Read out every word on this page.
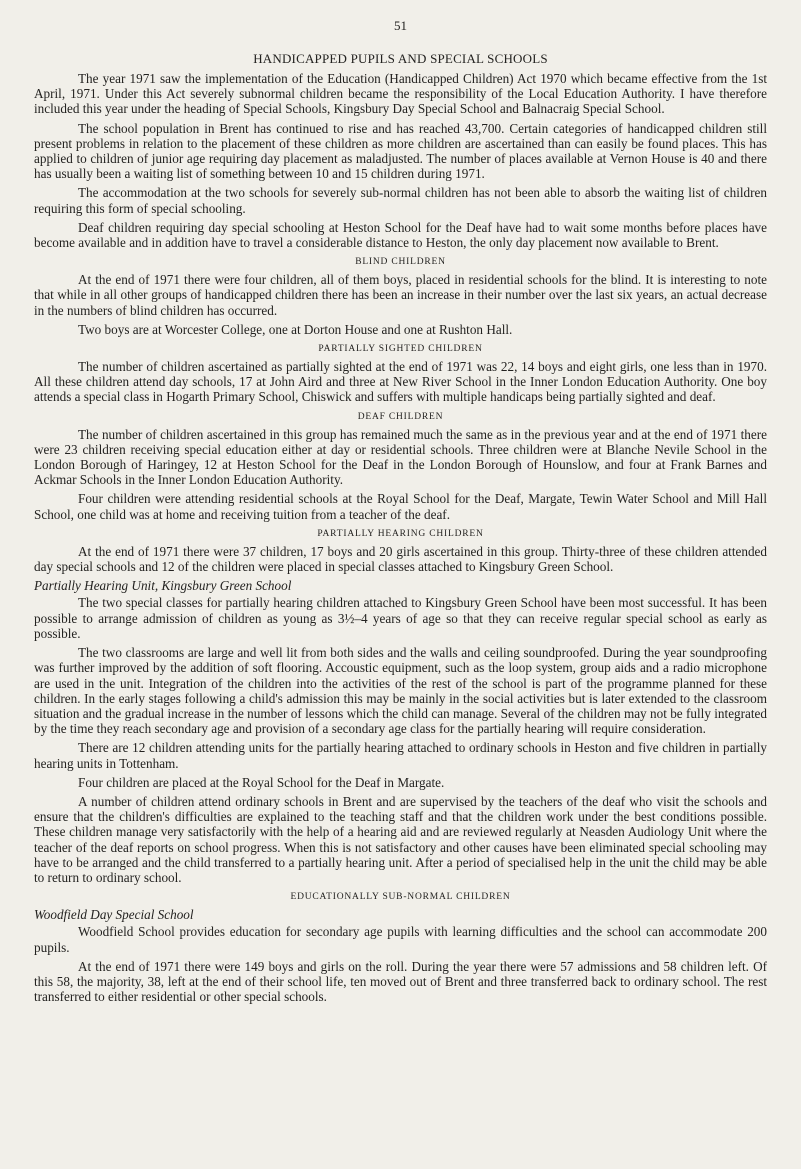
51
HANDICAPPED PUPILS AND SPECIAL SCHOOLS

The year 1971 saw the implementation of the Education (Handicapped Children) Act 1970 which became effective from the 1st April, 1971. Under this Act severely subnormal children became the responsibility of the Local Education Authority. I have therefore included this year under the heading of Special Schools, Kingsbury Day Special School and Balnacraig Special School.

The school population in Brent has continued to rise and has reached 43,700. Certain categories of handicapped children still present problems in relation to the placement of these children as more children are ascertained than can easily be found places. This has applied to children of junior age requiring day placement as maladjusted. The number of places available at Vernon House is 40 and there has usually been a waiting list of something between 10 and 15 children during 1971.

The accommodation at the two schools for severely sub-normal children has not been able to absorb the waiting list of children requiring this form of special schooling.

Deaf children requiring day special schooling at Heston School for the Deaf have had to wait some months before places have become available and in addition have to travel a considerable distance to Heston, the only day placement now available to Brent.

BLIND CHILDREN

At the end of 1971 there were four children, all of them boys, placed in residential schools for the blind. It is interesting to note that while in all other groups of handicapped children there has been an increase in their number over the last six years, an actual decrease in the numbers of blind children has occurred.

Two boys are at Worcester College, one at Dorton House and one at Rushton Hall.

PARTIALLY SIGHTED CHILDREN

The number of children ascertained as partially sighted at the end of 1971 was 22, 14 boys and eight girls, one less than in 1970. All these children attend day schools, 17 at John Aird and three at New River School in the Inner London Education Authority. One boy attends a special class in Hogarth Primary School, Chiswick and suffers with multiple handicaps being partially sighted and deaf.

DEAF CHILDREN

The number of children ascertained in this group has remained much the same as in the previous year and at the end of 1971 there were 23 children receiving special education either at day or residential schools. Three children were at Blanche Nevile School in the London Borough of Haringey, 12 at Heston School for the Deaf in the London Borough of Hounslow, and four at Frank Barnes and Ackmar Schools in the Inner London Education Authority.

Four children were attending residential schools at the Royal School for the Deaf, Margate, Tewin Water School and Mill Hall School, one child was at home and receiving tuition from a teacher of the deaf.

PARTIALLY HEARING CHILDREN

At the end of 1971 there were 37 children, 17 boys and 20 girls ascertained in this group. Thirty-three of these children attended day special schools and 12 of the children were placed in special classes attached to Kingsbury Green School.

Partially Hearing Unit, Kingsbury Green School

The two special classes for partially hearing children attached to Kingsbury Green School have been most successful. It has been possible to arrange admission of children as young as 3½–4 years of age so that they can receive regular special school as early as possible.

The two classrooms are large and well lit from both sides and the walls and ceiling soundproofed. During the year soundproofing was further improved by the addition of soft flooring. Accoustic equipment, such as the loop system, group aids and a radio microphone are used in the unit. Integration of the children into the activities of the rest of the school is part of the programme planned for these children. In the early stages following a child's admission this may be mainly in the social activities but is later extended to the classroom situation and the gradual increase in the number of lessons which the child can manage. Several of the children may not be fully integrated by the time they reach secondary age and provision of a secondary age class for the partially hearing will require consideration.

There are 12 children attending units for the partially hearing attached to ordinary schools in Heston and five children in partially hearing units in Tottenham.

Four children are placed at the Royal School for the Deaf in Margate.

A number of children attend ordinary schools in Brent and are supervised by the teachers of the deaf who visit the schools and ensure that the children's difficulties are explained to the teaching staff and that the children work under the best conditions possible. These children manage very satisfactorily with the help of a hearing aid and are reviewed regularly at Neasden Audiology Unit where the teacher of the deaf reports on school progress. When this is not satisfactory and other causes have been eliminated special schooling may have to be arranged and the child transferred to a partially hearing unit. After a period of specialised help in the unit the child may be able to return to ordinary school.

EDUCATIONALLY SUB-NORMAL CHILDREN
Woodfield Day Special School

Woodfield School provides education for secondary age pupils with learning difficulties and the school can accommodate 200 pupils.

At the end of 1971 there were 149 boys and girls on the roll. During the year there were 57 admissions and 58 children left. Of this 58, the majority, 38, left at the end of their school life, ten moved out of Brent and three transferred back to ordinary school. The rest transferred to either residential or other special schools.
